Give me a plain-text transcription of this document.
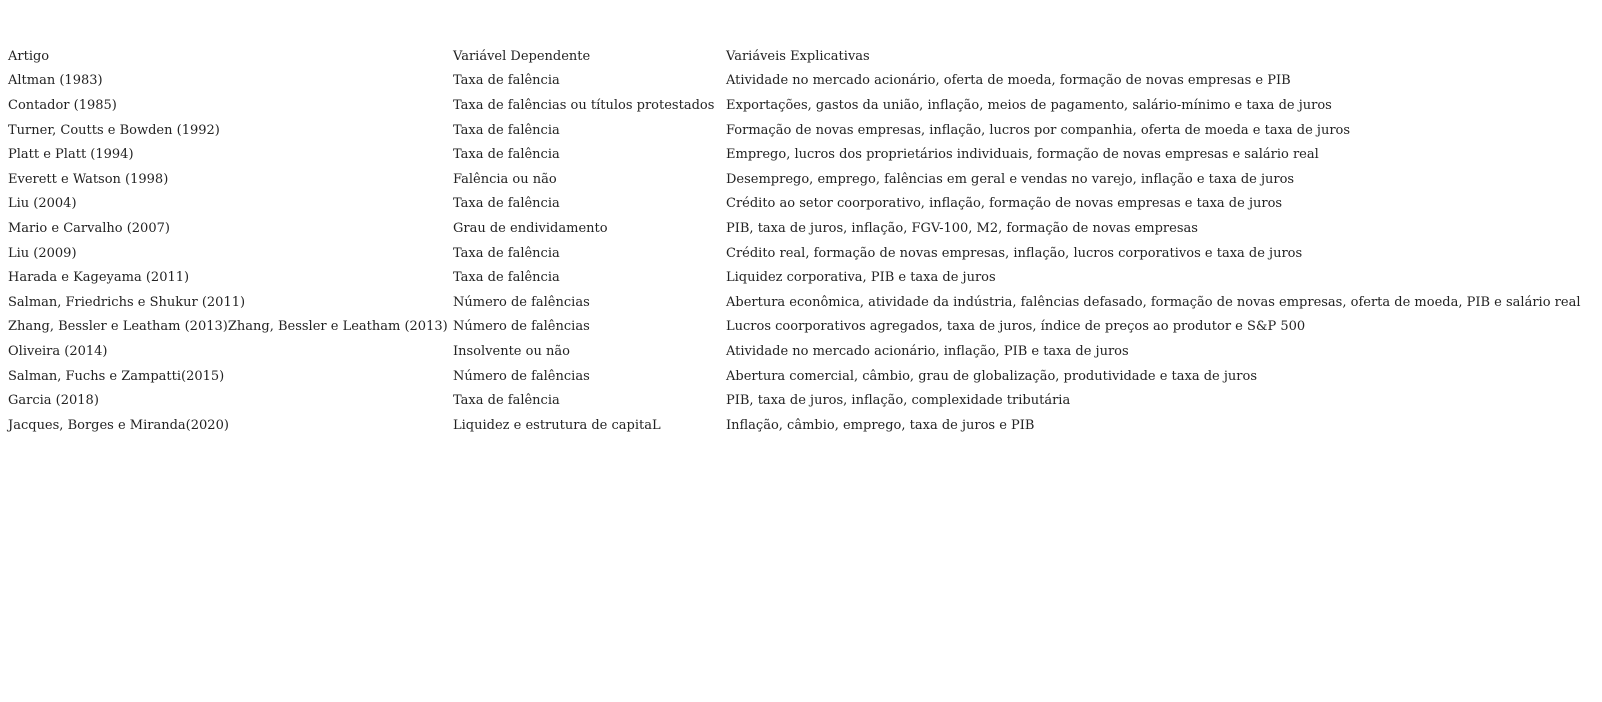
Artigo	Variável Dependente	Variáveis Explicativas
Altman (1983)	Taxa de falência	Atividade no mercado acionário, oferta de moeda, formação de novas empresas e PIB
Contador (1985)	Taxa de falências ou títulos protestados	Exportações, gastos da união, inflação, meios de pagamento, salário-mínimo e taxa de juros
Turner, Coutts e Bowden (1992)	Taxa de falência	Formação de novas empresas, inflação, lucros por companhia, oferta de moeda e taxa de juros
Platt e Platt (1994)	Taxa de falência	Emprego, lucros dos proprietários individuais, formação de novas empresas e salário real
Everett e Watson (1998)	Falência ou não	Desemprego, emprego, falências em geral e vendas no varejo, inflação e taxa de juros
Liu (2004)	Taxa de falência	Crédito ao setor coorporativo, inflação, formação de novas empresas e taxa de juros
Mario e Carvalho (2007)	Grau de endividamento	PIB, taxa de juros, inflação, FGV-100, M2, formação de novas empresas
Liu (2009)	Taxa de falência	Crédito real, formação de novas empresas, inflação, lucros corporativos e taxa de juros
Harada e Kageyama (2011)	Taxa de falência	Liquidez corporativa, PIB e taxa de juros
Salman, Friedrichs e Shukur (2011)	Número de falências	Abertura econômica, atividade da indústria, falências defasado, formação de novas empresas, oferta de moeda, PIB e salário real
Zhang, Bessler e Leatham (2013)Zhang, Bessler e Leatham (2013)	Número de falências	Lucros coorporativos agregados, taxa de juros, índice de preços ao produtor e S&P 500
Oliveira (2014)	Insolvente ou não	Atividade no mercado acionário, inflação, PIB e taxa de juros
Salman, Fuchs e Zampatti(2015)	Número de falências	Abertura comercial, câmbio, grau de globalização, produtividade e taxa de juros
Garcia (2018)	Taxa de falência	PIB, taxa de juros, inflação, complexidade tributária
Jacques, Borges e Miranda(2020)	Liquidez e estrutura de capitaL	Inflação, câmbio, emprego, taxa de juros e PIB
